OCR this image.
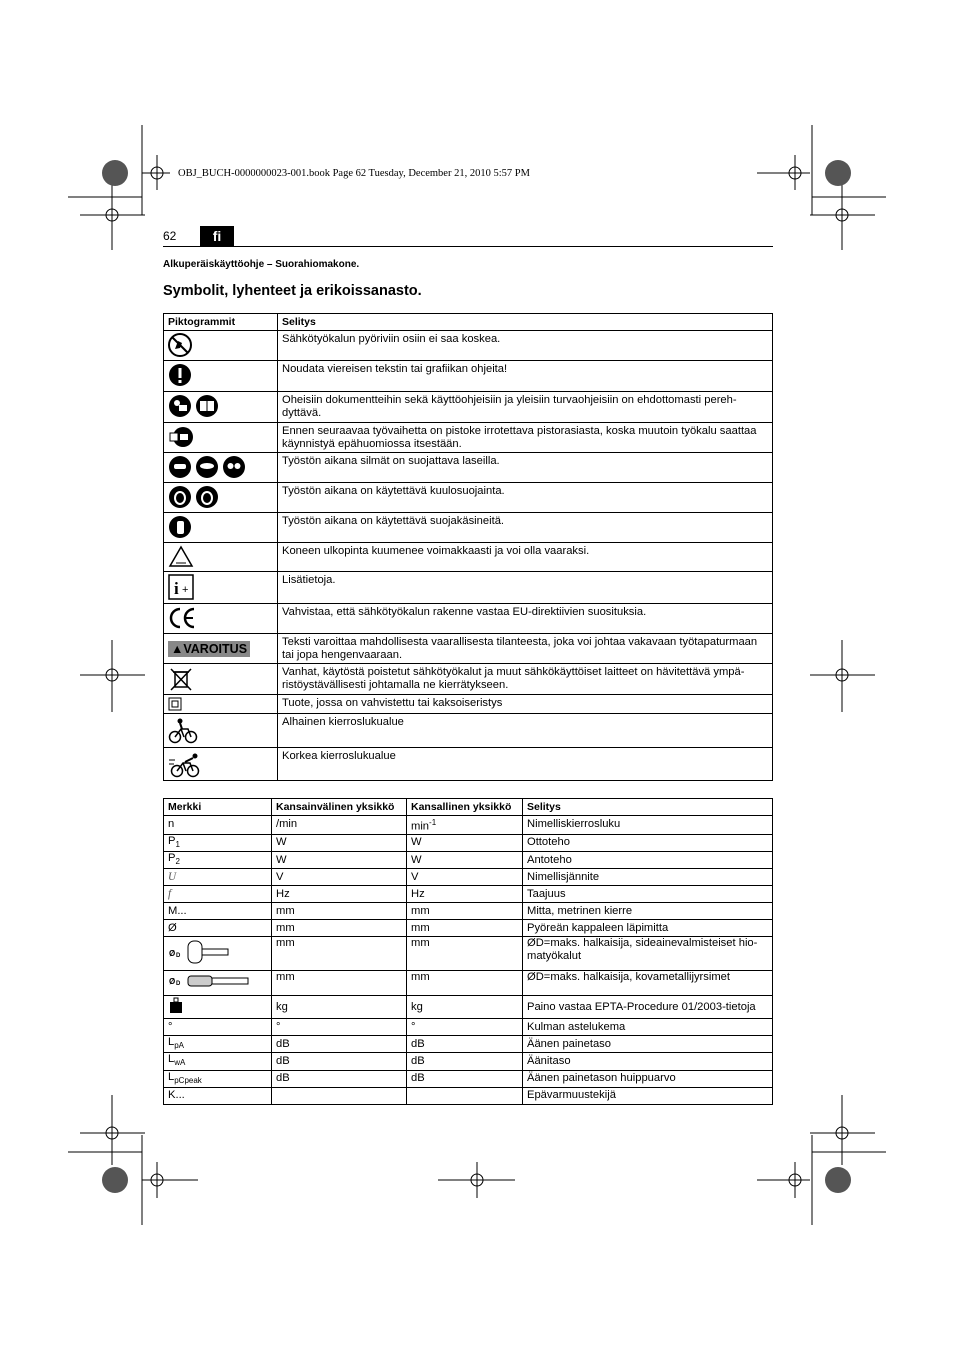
OBJ_BUCH-0000000023-001.book Page 62 Tuesday, December 21, 2010 5:57 PM
62	fi
Alkuperäiskäyttöohje – Suorahiomakone.
Symbolit, lyhenteet ja erikoissanasto.
Piktogrammit	Selitys
	Sähkötyökalun pyöriviin osiin ei saa koskea.
	Noudata viereisen tekstin tai grafiikan ohjeita!
	Oheisiin dokumentteihin sekä käyttöohjeisiin ja yleisiin turvaohjeisiin on ehdottomasti pereh-dyttävä.
	Ennen seuraavaa työvaihetta on pistoke irrotettava pistorasiasta, koska muutoin työkalu saattaa käynnistyä epähuomiossa itsestään.
	Työstön aikana silmät on suojattava laseilla.
	Työstön aikana on käytettävä kuulosuojainta.
	Työstön aikana on käytettävä suojakäsineitä.
	Koneen ulkopinta kuumenee voimakkaasti ja voi olla vaaraksi.

i +	Lisätietoja.
	Vahvistaa, että sähkötyökalun rakenne vastaa EU-direktiivien suosituksia.
▲VAROITUS	Teksti varoittaa mahdollisesta vaarallisesta tilanteesta, joka voi johtaa vakavaan työtapaturmaan tai jopa hengenvaaraan.
	Vanhat, käytöstä poistetut sähkötyökalut ja muut sähkökäyttöiset laitteet on hävitettävä ympä-ristöystävällisesti johtamalla ne kierrätykseen.
	Tuote, jossa on vahvistettu tai kaksoiseristys
	Alhainen kierroslukualue
	Korkea kierroslukualue
Merkki	Kansainvälinen yksikkö	Kansallinen yksikkö	Selitys
n	/min	$\min^{-1}$	Nimelliskierrosluku
$P_1$	W	W	Ottoteho
$P_2$	W	W	Antoteho
U	V	V	Nimellisjännite
f	Hz	Hz	Taajuus
M...	mm	mm	Mitta, metrinen kierre
Ø	mm	mm	Pyöreän kappaleen läpimitta

Ø D	mm	mm	ØD=maks. halkaisija, sideainevalmisteiset hio-matyökalut

Ø D	mm	mm	ØD=maks. halkaisija, kovametallijyrsimet
	kg	kg	Paino vastaa EPTA-Procedure 01/2003-tietoja
°	°	°	Kulman astelukema
$L_{pA}$	dB	dB	Äänen painetaso
$L_{wA}$	dB	dB	Äänitaso
$L_{pCpeak}$	dB	dB	Äänen painetason huippuarvo
K...			Epävarmuustekijä
